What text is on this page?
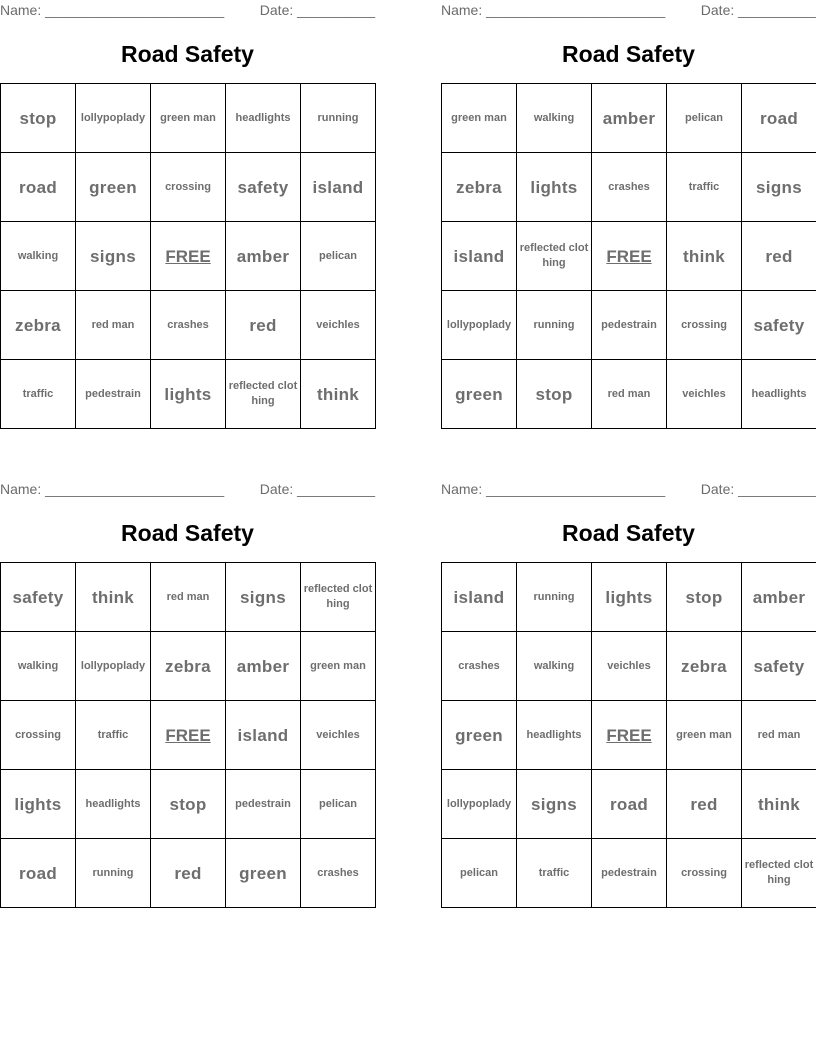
Name: _______________________	Date: __________
Road Safety
stop	lollypoplady	green man	headlights	running
road	green	crossing	safety	island
walking	signs	FREE	amber	pelican
zebra	red man	crashes	red	veichles
traffic	pedestrain	lights	reflected clothing	think
Name: _______________________	Date: __________
Road Safety
green man	walking	amber	pelican	road
zebra	lights	crashes	traffic	signs
island	reflected clothing	FREE	think	red
lollypoplady	running	pedestrain	crossing	safety
green	stop	red man	veichles	headlights
Name: _______________________	Date: __________
Road Safety
safety	think	red man	signs	reflected clothing
walking	lollypoplady	zebra	amber	green man
crossing	traffic	FREE	island	veichles
lights	headlights	stop	pedestrain	pelican
road	running	red	green	crashes
Name: _______________________	Date: __________
Road Safety
island	running	lights	stop	amber
crashes	walking	veichles	zebra	safety
green	headlights	FREE	green man	red man
lollypoplady	signs	road	red	think
pelican	traffic	pedestrain	crossing	reflected clothing
